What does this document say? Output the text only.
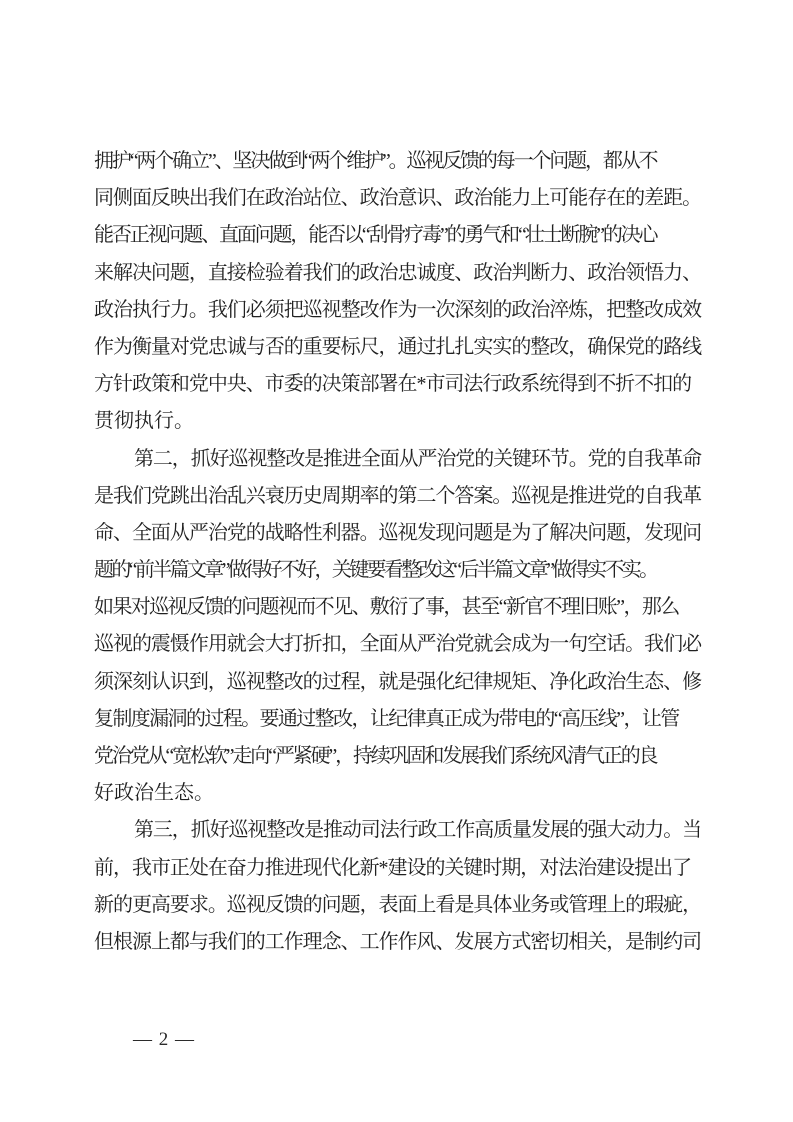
拥护“两个确立”、坚决做到“两个维护”。巡视反馈的每一个问题，都从不
同侧面反映出我们在政治站位、政治意识、政治能力上可能存在的差距。
能否正视问题、直面问题，能否以“刮骨疗毒”的勇气和“壮士断腕”的决心
来解决问题，直接检验着我们的政治忠诚度、政治判断力、政治领悟力、
政治执行力。我们必须把巡视整改作为一次深刻的政治淬炼，把整改成效
作为衡量对党忠诚与否的重要标尺，通过扎扎实实的整改，确保党的路线
方针政策和党中央、市委的决策部署在*市司法行政系统得到不折不扣的
贯彻执行。
第二，抓好巡视整改是推进全面从严治党的关键环节。党的自我革命
是我们党跳出治乱兴衰历史周期率的第二个答案。巡视是推进党的自我革
命、全面从严治党的战略性利器。巡视发现问题是为了解决问题，发现问
题的“前半篇文章”做得好不好，关键要看整改这“后半篇文章”做得实不实。
如果对巡视反馈的问题视而不见、敷衍了事，甚至“新官不理旧账”，那么
巡视的震慑作用就会大打折扣，全面从严治党就会成为一句空话。我们必
须深刻认识到，巡视整改的过程，就是强化纪律规矩、净化政治生态、修
复制度漏洞的过程。要通过整改，让纪律真正成为带电的“高压线”，让管
党治党从“宽松软”走向“严紧硬”，持续巩固和发展我们系统风清气正的良
好政治生态。
第三，抓好巡视整改是推动司法行政工作高质量发展的强大动力。当
前，我市正处在奋力推进现代化新*建设的关键时期，对法治建设提出了
新的更高要求。巡视反馈的问题，表面上看是具体业务或管理上的瑕疵，
但根源上都与我们的工作理念、工作作风、发展方式密切相关，是制约司
— 2 —
